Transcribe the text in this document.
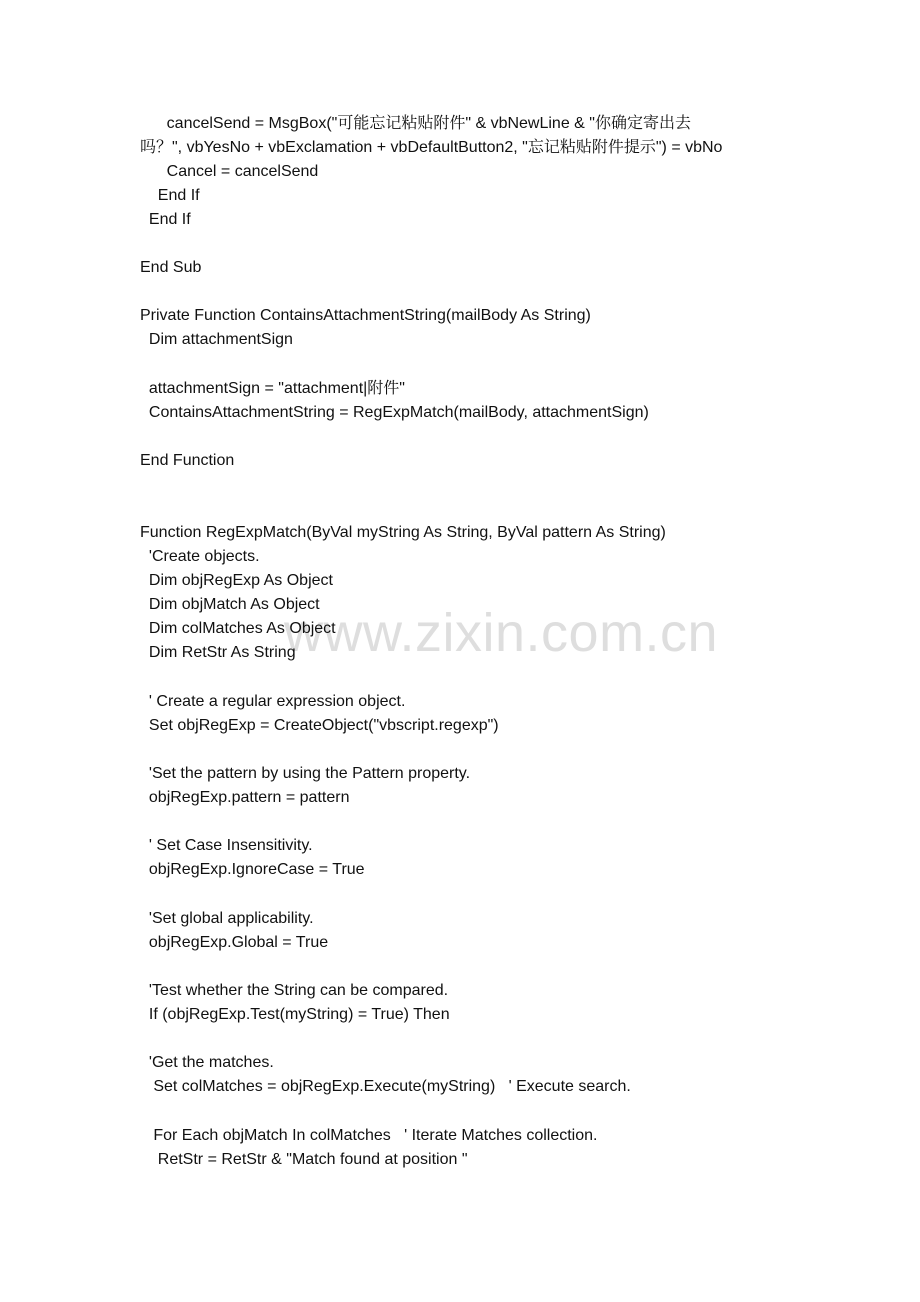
www.zixin.com.cn
cancelSend = MsgBox("可能忘记粘贴附件" & vbNewLine & "你确定寄出去
吗？", vbYesNo + vbExclamation + vbDefaultButton2, "忘记粘贴附件提示") = vbNo
Cancel = cancelSend
End If
End If
End Sub
Private Function ContainsAttachmentString(mailBody As String)
Dim attachmentSign
attachmentSign = "attachment|附件"
ContainsAttachmentString = RegExpMatch(mailBody, attachmentSign)
End Function
Function RegExpMatch(ByVal myString As String, ByVal pattern As String)
'Create objects.
Dim objRegExp As Object
Dim objMatch As Object
Dim colMatches As Object
Dim RetStr As String
' Create a regular expression object.
Set objRegExp = CreateObject("vbscript.regexp")
'Set the pattern by using the Pattern property.
objRegExp.pattern = pattern
' Set Case Insensitivity.
objRegExp.IgnoreCase = True
'Set global applicability.
objRegExp.Global = True
'Test whether the String can be compared.
If (objRegExp.Test(myString) = True) Then
'Get the matches.
Set colMatches = objRegExp.Execute(myString)   ' Execute search.
For Each objMatch In colMatches   ' Iterate Matches collection.
RetStr = RetStr & "Match found at position "
